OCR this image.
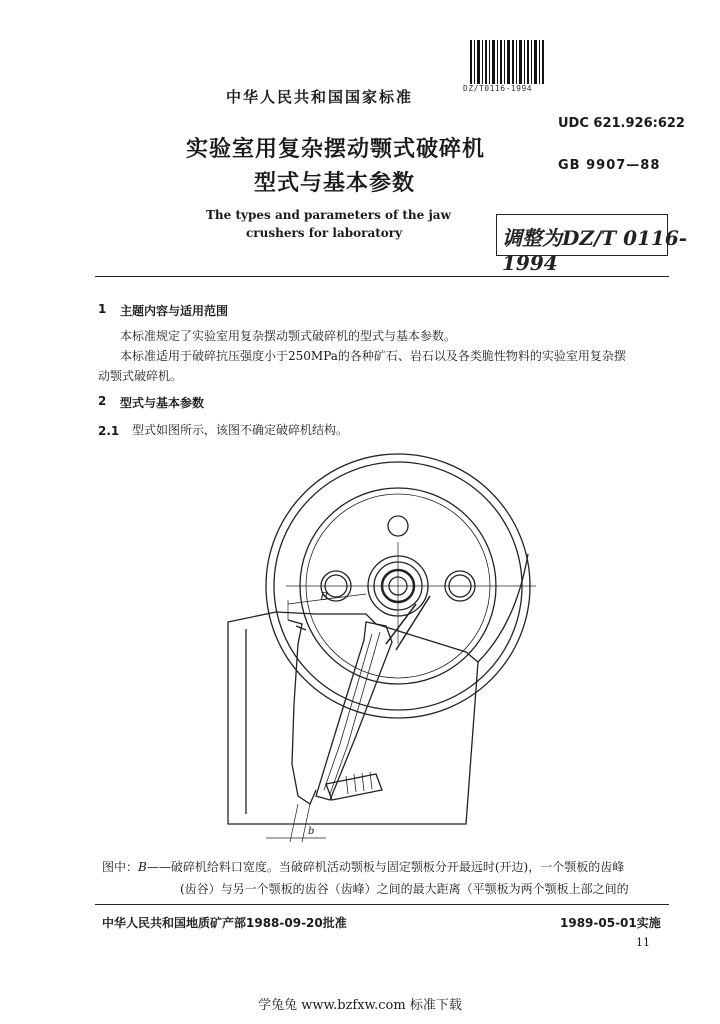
DZ/T0116-1994
中华人民共和国国家标准
UDC 621.926:622
GB 9907—88
实验室用复杂摆动颚式破碎机
型式与基本参数
The types and parameters of the jaw
crushers for laboratory	调整为DZ/T 0116-1994
1 主题内容与适用范围
本标准规定了实验室用复杂摆动颚式破碎机的型式与基本参数。
本标准适用于破碎抗压强度小于250MPa的各种矿石、岩石以及各类脆性物料的实验室用复杂摆
动颚式破碎机。
2 型式与基本参数
2.1 型式如图所示，该图不确定破碎机结构。
B
b
图中：B——破碎机给料口宽度。当破碎机活动颚板与固定颚板分开最远时(开边)，一个颚板的齿峰
(齿谷）与另一个颚板的齿谷（齿峰）之间的最大距离（平颚板为两个颚板上部之间的
中华人民共和国地质矿产部1988-09-20批准	1989-05-01实施
11
学兔兔 www.bzfxw.com 标准下载
